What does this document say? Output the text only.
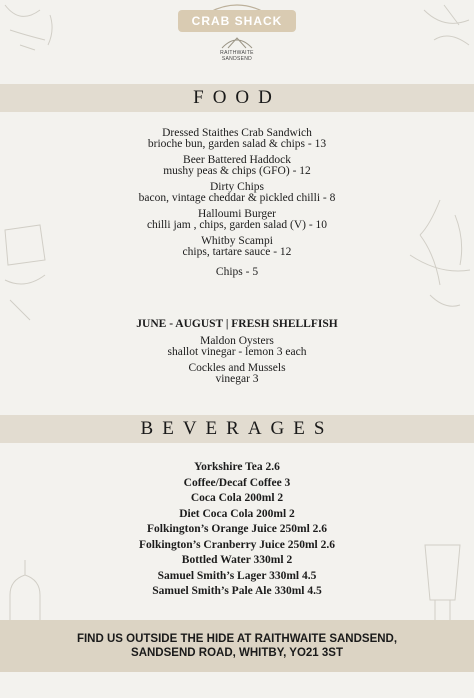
CRAB SHACK
RAITHWAITE SANDSEND
FOOD
Dressed Staithes Crab Sandwich
brioche bun, garden salad & chips - 13
Beer Battered Haddock
mushy peas & chips (GFO) - 12
Dirty Chips
bacon, vintage cheddar & pickled chilli - 8
Halloumi Burger
chilli jam , chips, garden salad (V) - 10
Whitby Scampi
chips, tartare sauce - 12
Chips - 5
JUNE - AUGUST | FRESH SHELLFISH
Maldon Oysters
shallot vinegar - lemon 3 each
Cockles and Mussels
vinegar 3
BEVERAGES
Yorkshire Tea 2.6
Coffee/Decaf Coffee 3
Coca Cola 200ml 2
Diet Coca Cola 200ml 2
Folkington’s Orange Juice 250ml 2.6
Folkington’s Cranberry Juice 250ml 2.6
Bottled Water 330ml 2
Samuel Smith’s Lager 330ml 4.5
Samuel Smith’s Pale Ale 330ml 4.5
FIND US OUTSIDE THE HIDE AT RAITHWAITE SANDSEND,
SANDSEND ROAD, WHITBY, YO21 3ST
